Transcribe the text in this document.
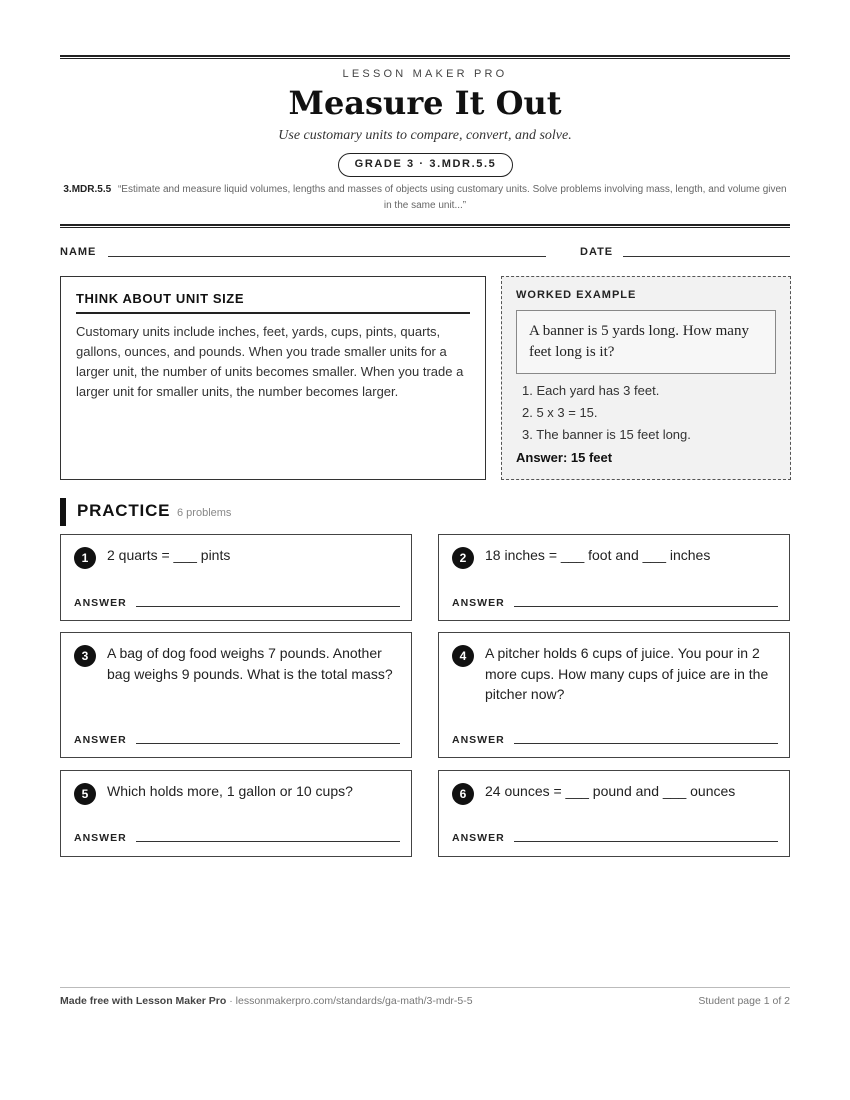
LESSON MAKER PRO
Measure It Out
Use customary units to compare, convert, and solve.
GRADE 3 · 3.MDR.5.5
3.MDR.5.5 “Estimate and measure liquid volumes, lengths and masses of objects using customary units. Solve problems involving mass, length, and volume given in the same unit...”
NAME	DATE
THINK ABOUT UNIT SIZE
Customary units include inches, feet, yards, cups, pints, quarts, gallons, ounces, and pounds. When you trade smaller units for a larger unit, the number of units becomes smaller. When you trade a larger unit for smaller units, the number becomes larger.
WORKED EXAMPLE
A banner is 5 yards long. How many feet long is it?
1. Each yard has 3 feet.
2. 5 x 3 = 15.
3. The banner is 15 feet long.
Answer: 15 feet
PRACTICE 6 problems
1	2 quarts = ___ pints
ANSWER
2	18 inches = ___ foot and ___ inches
ANSWER
3	A bag of dog food weighs 7 pounds. Another bag weighs 9 pounds. What is the total mass?
ANSWER
4	A pitcher holds 6 cups of juice. You pour in 2 more cups. How many cups of juice are in the pitcher now?
ANSWER
5	Which holds more, 1 gallon or 10 cups?
ANSWER
6	24 ounces = ___ pound and ___ ounces
ANSWER
Made free with Lesson Maker Pro · lessonmakerpro.com/standards/ga-math/3-mdr-5-5	Student page 1 of 2
